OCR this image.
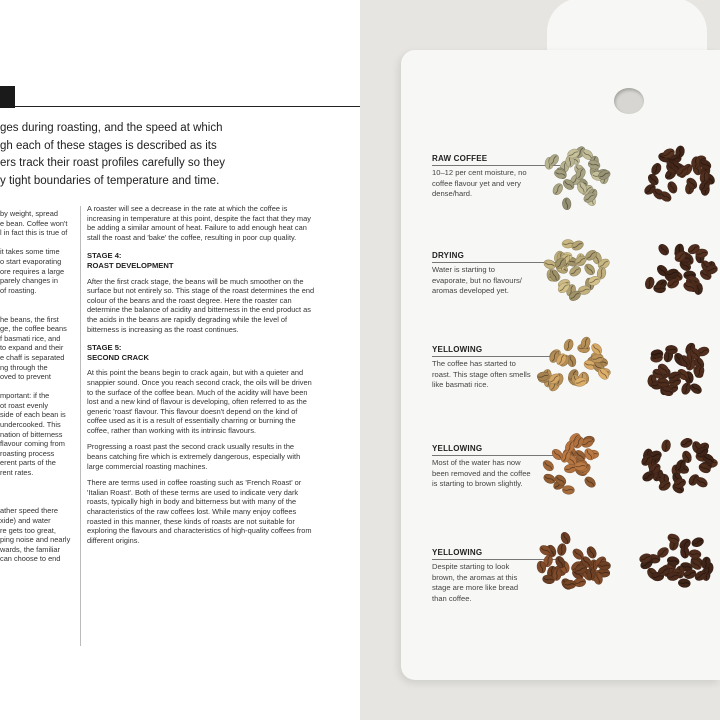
ges during roasting, and the speed at which
gh each of these stages is described as its
ers track their roast profiles carefully so they
y tight boundaries of temperature and time.
by weight, spread
e bean. Coffee won't
l in fact this is true of
it takes some time
o start evaporating
ore requires a large
parely changes in
of roasting.
he beans, the first
ge, the coffee beans
f basmati rice, and
to expand and their
e chaff is separated
ng through the
oved to prevent
mportant: if the
ot roast evenly
side of each bean is
undercooked. This
nation of bitterness
flavour coming from
roasting process
erent parts of the
rent rates.
ather speed there
xide) and water
re gets too great,
ping noise and nearly
wards, the familiar
can choose to end

A roaster will see a decrease in the rate at which the coffee is increasing in temperature at this point, despite the fact that they may be adding a similar amount of heat. Failure to add enough heat can stall the roast and 'bake' the coffee, resulting in poor cup quality.

STAGE 4:
ROAST DEVELOPMENT

After the first crack stage, the beans will be much smoother on the surface but not entirely so. This stage of the roast determines the end colour of the beans and the roast degree. Here the roaster can determine the balance of acidity and bitterness in the end product as the acids in the beans are rapidly degrading while the level of bitterness is increasing as the roast continues.

STAGE 5:
SECOND CRACK

At this point the beans begin to crack again, but with a quieter and snappier sound. Once you reach second crack, the oils will be driven to the surface of the coffee bean. Much of the acidity will have been lost and a new kind of flavour is developing, often referred to as the generic 'roast' flavour. This flavour doesn't depend on the kind of coffee used as it is a result of essentially charring or burning the coffee, rather than working with its intrinsic flavours.

Progressing a roast past the second crack usually results in the beans catching fire which is extremely dangerous, especially with large commercial roasting machines.

There are terms used in coffee roasting such as 'French Roast' or 'Italian Roast'. Both of these terms are used to indicate very dark roasts, typically high in body and bitterness but with many of the characteristics of the raw coffees lost. While many enjoy coffees roasted in this manner, these kinds of roasts are not suitable for exploring the flavours and characteristics of high-quality coffees from different origins.

RAW COFFEE
10–12 per cent moisture, no coffee flavour yet and very dense/hard.
DRYING
Water is starting to evaporate, but no flavours/ aromas developed yet.
YELLOWING
The coffee has started to roast. This stage often smells like basmati rice.
YELLOWING
Most of the water has now been removed and the coffee is starting to brown slightly.
YELLOWING
Despite starting to look brown, the aromas at this stage are more like bread than coffee.
